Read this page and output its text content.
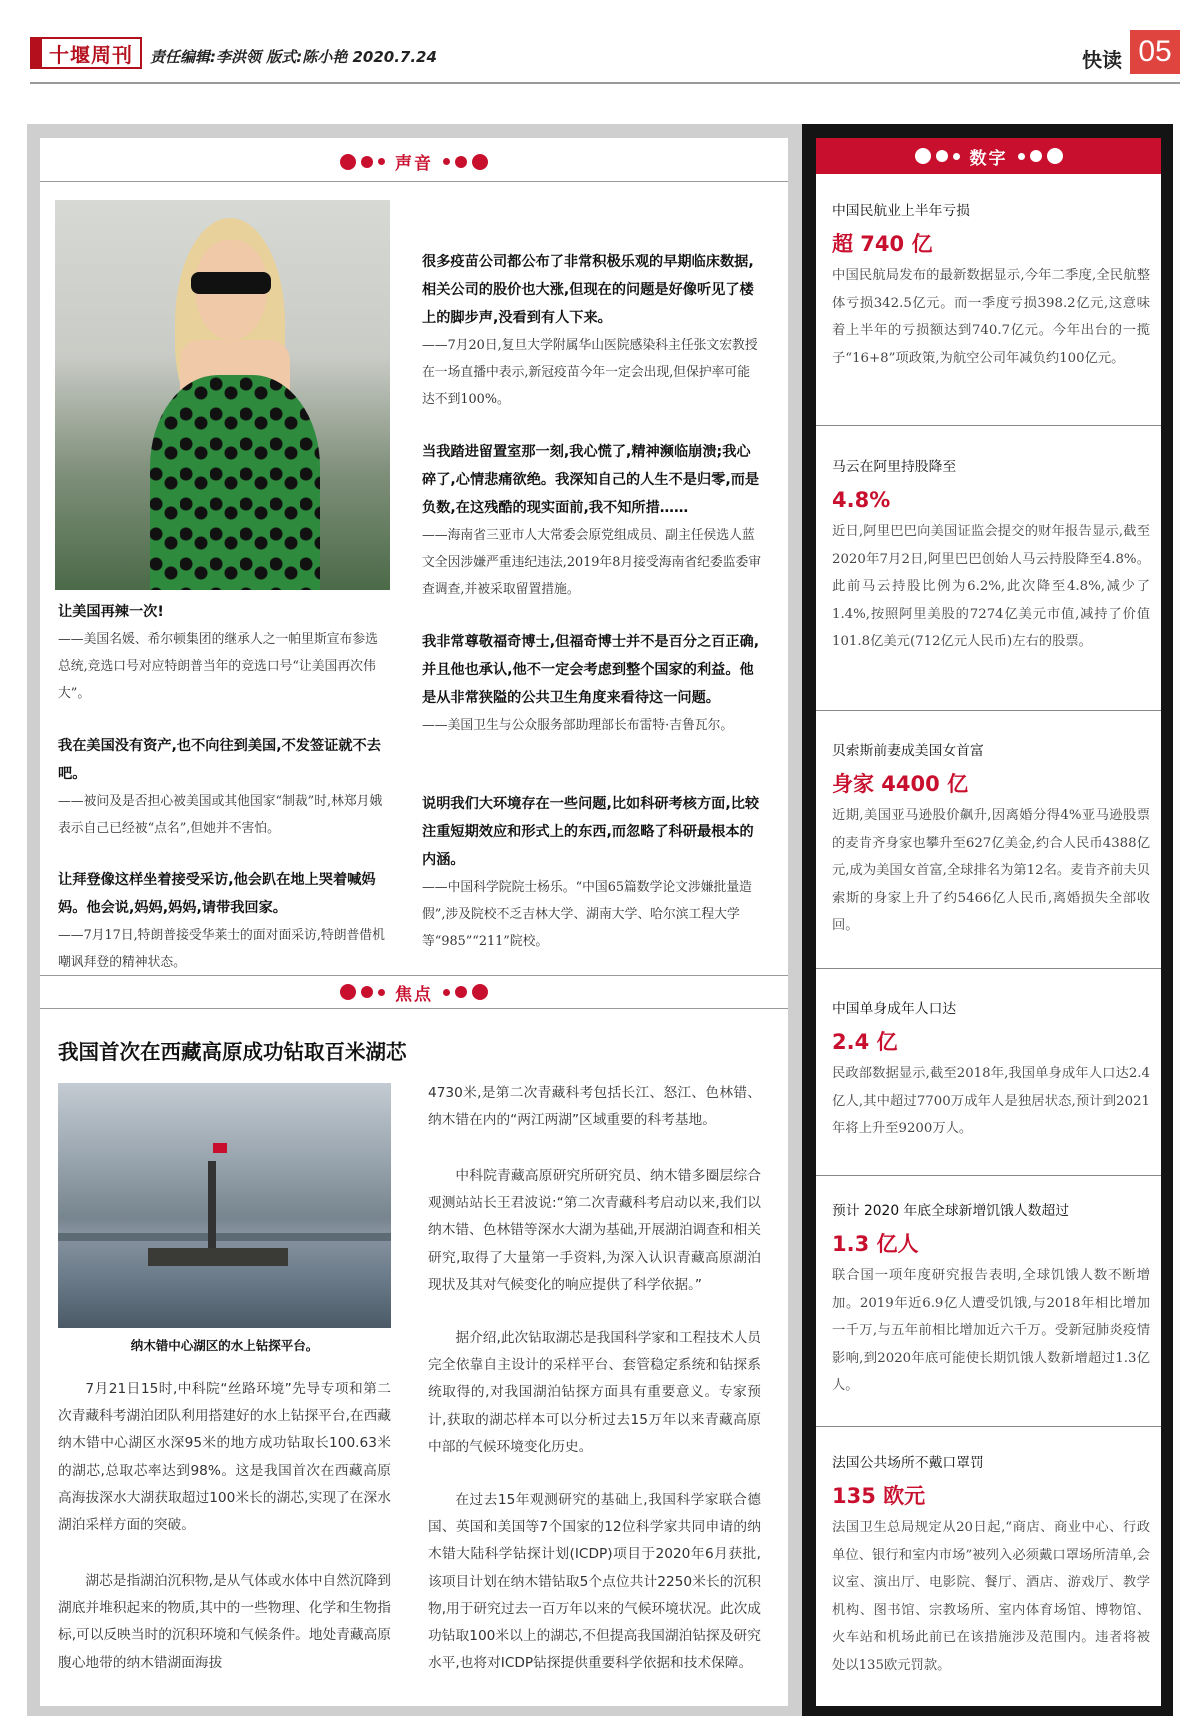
十堰周刊	责任编辑:李洪领 版式:陈小艳 2020.7.24	快读 05
声音
让美国再辣一次!
——美国名媛、希尔顿集团的继承人之一帕里斯宣布参选总统,竞选口号对应特朗普当年的竞选口号“让美国再次伟大”。
我在美国没有资产,也不向往到美国,不发签证就不去吧。
——被问及是否担心被美国或其他国家“制裁”时,林郑月娥表示自己已经被“点名”,但她并不害怕。
让拜登像这样坐着接受采访,他会趴在地上哭着喊妈妈。他会说,妈妈,妈妈,请带我回家。
——7月17日,特朗普接受华莱士的面对面采访,特朗普借机嘲讽拜登的精神状态。
很多疫苗公司都公布了非常积极乐观的早期临床数据,相关公司的股价也大涨,但现在的问题是好像听见了楼上的脚步声,没看到有人下来。
——7月20日,复旦大学附属华山医院感染科主任张文宏教授在一场直播中表示,新冠疫苗今年一定会出现,但保护率可能达不到100%。
当我踏进留置室那一刻,我心慌了,精神濒临崩溃;我心碎了,心情悲痛欲绝。我深知自己的人生不是归零,而是负数,在这残酷的现实面前,我不知所措……
——海南省三亚市人大常委会原党组成员、副主任侯选人蓝文全因涉嫌严重违纪违法,2019年8月接受海南省纪委监委审查调查,并被采取留置措施。
我非常尊敬福奇博士,但福奇博士并不是百分之百正确,并且他也承认,他不一定会考虑到整个国家的利益。他是从非常狭隘的公共卫生角度来看待这一问题。
——美国卫生与公众服务部助理部长布雷特·吉鲁瓦尔。
说明我们大环境存在一些问题,比如科研考核方面,比较注重短期效应和形式上的东西,而忽略了科研最根本的内涵。
——中国科学院院士杨乐。“中国65篇数学论文涉嫌批量造假”,涉及院校不乏吉林大学、湖南大学、哈尔滨工程大学等“985”“211”院校。
焦点
我国首次在西藏高原成功钻取百米湖芯
纳木错中心湖区的水上钻探平台。
7月21日15时,中科院“丝路环境”先导专项和第二次青藏科考湖泊团队利用搭建好的水上钻探平台,在西藏纳木错中心湖区水深95米的地方成功钻取长100.63米的湖芯,总取芯率达到98%。这是我国首次在西藏高原高海拔深水大湖获取超过100米长的湖芯,实现了在深水湖泊采样方面的突破。
湖芯是指湖泊沉积物,是从气体或水体中自然沉降到湖底并堆积起来的物质,其中的一些物理、化学和生物指标,可以反映当时的沉积环境和气候条件。地处青藏高原腹心地带的纳木错湖面海拔
4730米,是第二次青藏科考包括长江、怒江、色林错、纳木错在内的“两江两湖”区域重要的科考基地。
中科院青藏高原研究所研究员、纳木错多圈层综合观测站站长王君波说:“第二次青藏科考启动以来,我们以纳木错、色林错等深水大湖为基础,开展湖泊调查和相关研究,取得了大量第一手资料,为深入认识青藏高原湖泊现状及其对气候变化的响应提供了科学依据。”
据介绍,此次钻取湖芯是我国科学家和工程技术人员完全依靠自主设计的采样平台、套管稳定系统和钻探系统取得的,对我国湖泊钻探方面具有重要意义。专家预计,获取的湖芯样本可以分析过去15万年以来青藏高原中部的气候环境变化历史。
在过去15年观测研究的基础上,我国科学家联合德国、英国和美国等7个国家的12位科学家共同申请的纳木错大陆科学钻探计划(ICDP)项目于2020年6月获批,该项目计划在纳木错钻取5个点位共计2250米长的沉积物,用于研究过去一百万年以来的气候环境状况。此次成功钻取100米以上的湖芯,不但提高我国湖泊钻探及研究水平,也将对ICDP钻探提供重要科学依据和技术保障。
数字
中国民航业上半年亏损
超 740 亿
中国民航局发布的最新数据显示,今年二季度,全民航整体亏损342.5亿元。而一季度亏损398.2亿元,这意味着上半年的亏损额达到740.7亿元。今年出台的一揽子“16+8”项政策,为航空公司年减负约100亿元。
马云在阿里持股降至
4.8%
近日,阿里巴巴向美国证监会提交的财年报告显示,截至2020年7月2日,阿里巴巴创始人马云持股降至4.8%。此前马云持股比例为6.2%,此次降至4.8%,减少了1.4%,按照阿里美股的7274亿美元市值,减持了价值101.8亿美元(712亿元人民币)左右的股票。
贝索斯前妻成美国女首富
身家 4400 亿
近期,美国亚马逊股价飙升,因离婚分得4%亚马逊股票的麦肯齐身家也攀升至627亿美金,约合人民币4388亿元,成为美国女首富,全球排名为第12名。麦肯齐前夫贝索斯的身家上升了约5466亿人民币,离婚损失全部收回。
中国单身成年人口达
2.4 亿
民政部数据显示,截至2018年,我国单身成年人口达2.4亿人,其中超过7700万成年人是独居状态,预计到2021年将上升至9200万人。
预计 2020 年底全球新增饥饿人数超过
1.3 亿人
联合国一项年度研究报告表明,全球饥饿人数不断增加。2019年近6.9亿人遭受饥饿,与2018年相比增加一千万,与五年前相比增加近六千万。受新冠肺炎疫情影响,到2020年底可能使长期饥饿人数新增超过1.3亿人。
法国公共场所不戴口罩罚
135 欧元
法国卫生总局规定从20日起,“商店、商业中心、行政单位、银行和室内市场”被列入必须戴口罩场所清单,会议室、演出厅、电影院、餐厅、酒店、游戏厅、教学机构、图书馆、宗教场所、室内体育场馆、博物馆、火车站和机场此前已在该措施涉及范围内。违者将被处以135欧元罚款。
